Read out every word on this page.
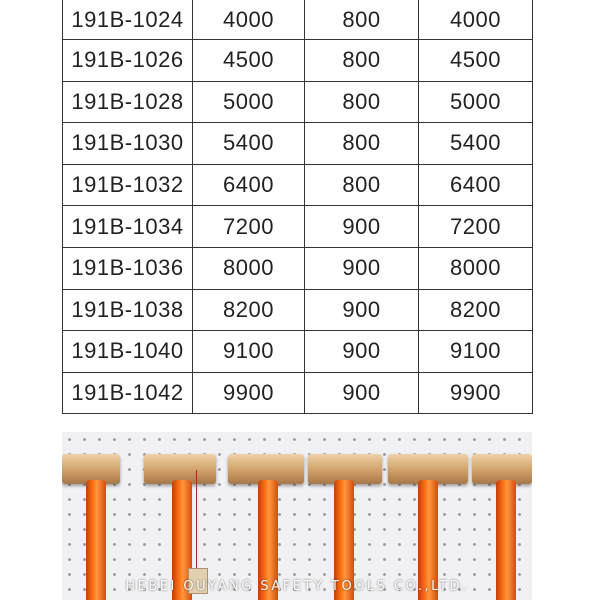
191B-1024	4000	800	4000
191B-1026	4500	800	4500
191B-1028	5000	800	5000
191B-1030	5400	800	5400
191B-1032	6400	800	6400
191B-1034	7200	900	7200
191B-1036	8000	900	8000
191B-1038	8200	900	8200
191B-1040	9100	900	9100
191B-1042	9900	900	9900
HEBEI OUYANG SAFETY TOOLS CO.,LTD.
